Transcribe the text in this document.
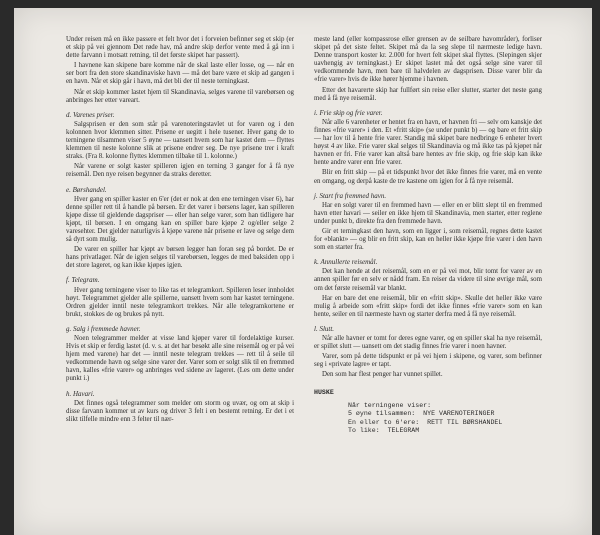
Under reisen må en ikke passere et felt hvor det i forveien befinner seg et skip (er et skip på vei gjennom Det røde hav, må andre skip derfor vente med å gå inn i dette farvann i motsatt retning, til det første skipet har passert).

I havnene kan skipene bare komme når de skal laste eller losse, og — når en ser bort fra den store skandinaviske havn — må det bare være et skip ad gangen i en havn. Når et skip går i havn, må det bli der til neste terningkast.

Når et skip kommer lastet hjem til Skandinavia, selges varene til varebørsen og anbringes her etter vareart.

d. Varenes priser.

Salgsprisen er den som står på varenoteringstavlet ut for varen og i den kolonnen hvor klemmen sitter. Prisene er uegitt i hele tusener. Hver gang de to terningene tilsammen viser 5 øyne — uansett hvem som har kastet dem — flyttes klemmen til neste kolonne slik at prisene endrer seg. De nye prisene trer i kraft straks. (Fra 8. kolonne flyttes klemmen tilbake til 1. kolonne.)

Når varene er solgt kaster spilleren igjen en terning 3 ganger for å få nye reisemål. Den nye reisen begynner da straks deretter.

e. Børshandel.

Hver gang en spiller kaster en 6'er (det er nok at den ene terningen viser 6), har denne spiller rett til å handle på børsen. Er det varer i børsens lager, kan spilleren kjøpe disse til gjeldende dagspriser — eller han selge varer, som han tidligere har kjøpt, til børsen. I en omgang kan en spiller bare kjøpe 2 og/eller selge 2 varesehter. Det gjelder naturligvis å kjøpe varene når prisene er lave og selge dem så dyrt som mulig.

De varer en spiller har kjøpt av børsen legger han foran seg på bordet. De er hans privatlager. Når de igjen selges til varebørsen, legges de med baksiden opp i det store lageret, og kan ikke kjøpes igjen.

f. Telegram.

Hver gang terningene viser to like tas et telegramkort. Spilleren leser innholdet høyt. Telegrammet gjelder alle spillerne, uansett hvem som har kastet terningene. Ordren gjelder inntil neste telegramkort trekkes. Når alle telegramkortene er brukt, stokkes de og brukes på nytt.

g. Salg i fremmede havner.

Noen telegrammer melder at visse land kjøper varer til fordelaktige kurser. Hvis et skip er ferdig lastet (d. v. s. at det har besøkt alle sine reisemål og er på vei hjem med varene) har det — inntil neste telegram trekkes — rett til å seile til vedkommende havn og selge sine varer der. Varer som er solgt slik til en fremmed havn, kalles «frie varer» og anbringes ved sidene av lageret. (Les om dette under punkt i.)

h. Havari.

Det finnes også telegrammer som melder om storm og uvær, og om at skip i disse farvann kommer ut av kurs og driver 3 felt i en bestemt retning. Er det i et slikt tilfelle mindre enn 3 felter til nær-

meste land (eller kompassrose eller grensen av de seilbare havområder), forliser skipet på det siste feltet. Skipet må da la seg slepe til nærmeste ledige havn. Denne transport koster kr. 2.000 for hvert felt skipet skal flyttes. (Slepingen skjer uavhengig av terningkast.) Er skipet lastet må det også selge sine varer til vedkommende havn, men bare til halvdelen av dagsprisen. Disse varer blir da «frie varer» hvis de ikke hører hjemme i havnen.

Etter det havarerte skip har fullført sin reise eller slutter, starter det neste gang med å få nye reisemål.

i. Frie skip og frie varer.

Når alle 6 varenheter er hentet fra en havn, er havnen fri — selv om kanskje det finnes «frie varer» i den. Et «fritt skip» (se under punkt b) — og bare et fritt skip — har lov til å hente frie varer. Standig må skipet bare nedbringe 6 enheter hvert høyst 4 av like. Frie varer skal selges til Skandinavia og må ikke tas på kjøpet når havnen er fri. Frie varer kan altså bare hentes av frie skip, og frie skip kan ikke hente andre varer enn frie varer.

Blir en fritt skip — på et tidspunkt hvor det ikke finnes frie varer, må en vente en omgang, og derpå kaste de tre kastene om igjen for å få nye reisemål.

j. Start fra fremmed havn.

Har en solgt varer til en fremmed havn — eller en er blitt slept til en fremmed havn etter havari — seiler en ikke hjem til Skandinavia, men starter, etter reglene under punkt b, direkte fra den fremmede havn.

Gir et terningkast den havn, som en ligger i, som reisemål, regnes dette kastet for «blankt» — og blir en fritt skip, kan en heller ikke kjøpe frie varer i den havn som en starter fra.

k. Annullerte reisemål.

Det kan hende at det reisemål, som en er på vei mot, blir tomt for varer av en annen spiller før en selv er nådd fram. En reiser da videre til sine øvrige mål, som om det første reisemål var blankt.

Har en bare det ene reisemål, blir en «fritt skip». Skulle det heller ikke være mulig å arbeide som «fritt skip» fordi det ikke finnes «frie varer» som en kan hente, seiler en til nærmeste havn og starter derfra med å få nye reisemål.

l. Slutt.

Når alle havner er tomt for deres egne varer, og en spiller skal ha nye reisemål, er spillet slutt — uansett om det stadig finnes frie varer i noen havner.

Varer, som på dette tidspunkt er på vei hjem i skipene, og varer, som befinner seg i «private lagre» er tapt.

Den som har flest penger har vunnet spillet.

HUSKE
Når terningene viser:
5 øyne tilsammen:  NYE VARENOTERINGER
En eller to 6'ere:  RETT TIL BØRSHANDEL
To like:  TELEGRAM
